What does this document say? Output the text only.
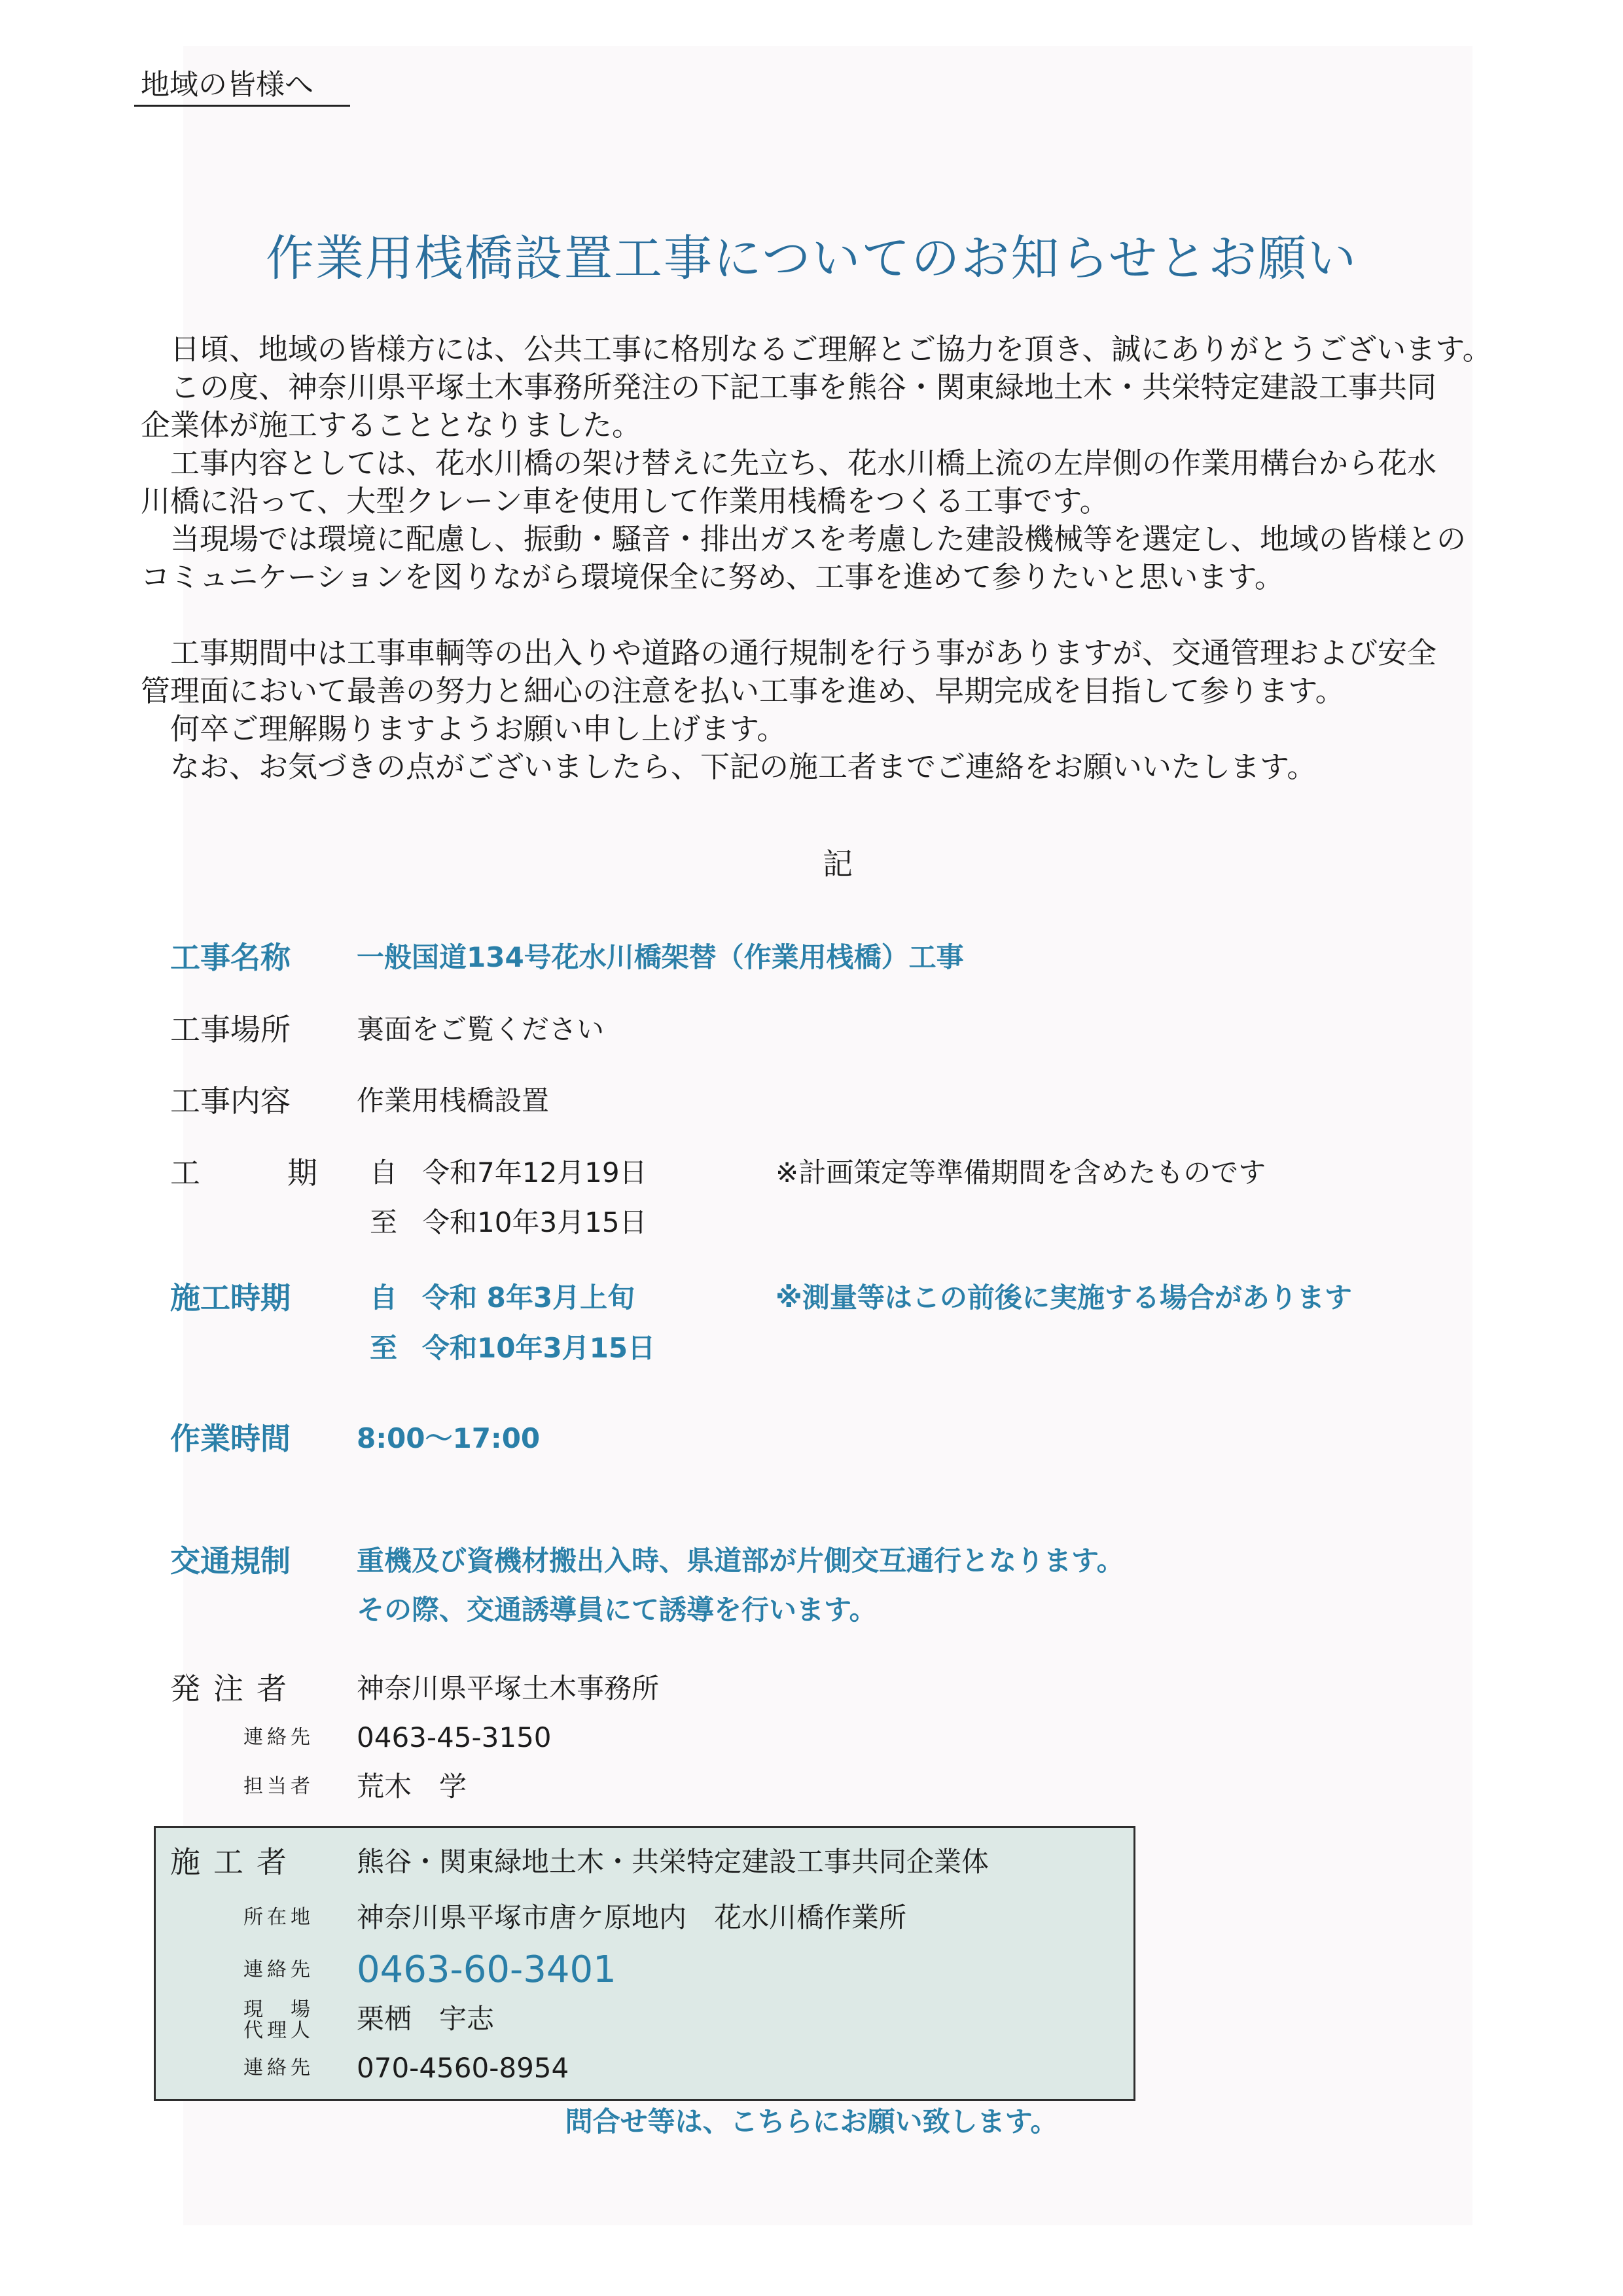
地域の皆様へ
作業用桟橋設置工事についてのお知らせとお願い

　日頃、地域の皆様方には、公共工事に格別なるご理解とご協力を頂き、誠にありがとうございます。

　この度、神奈川県平塚土木事務所発注の下記工事を熊谷・関東緑地土木・共栄特定建設工事共同
企業体が施工することとなりました。

　工事内容としては、花水川橋の架け替えに先立ち、花水川橋上流の左岸側の作業用構台から花水
川橋に沿って、大型クレーン車を使用して作業用桟橋をつくる工事です。

　当現場では環境に配慮し、振動・騒音・排出ガスを考慮した建設機械等を選定し、地域の皆様との
コミュニケーションを図りながら環境保全に努め、工事を進めて参りたいと思います。

　工事期間中は工事車輌等の出入りや道路の通行規制を行う事がありますが、交通管理および安全
管理面において最善の努力と細心の注意を払い工事を進め、早期完成を目指して参ります。

　何卒ご理解賜りますようお願い申し上げます。

　なお、お気づきの点がございましたら、下記の施工者までご連絡をお願いいたします。

記
工事名称	一般国道134号花水川橋架替（作業用桟橋）工事
工事場所	裏面をご覧ください
工事内容	作業用桟橋設置
工	期 自 令和7年12月19日	※計画策定等準備期間を含めたものです
至 令和10年3月15日
施工時期	自 令和 8年3月上旬	※測量等はこの前後に実施する場合があります
至 令和10年3月15日
作業時間	8:00～17:00
交通規制	重機及び資機材搬出入時、県道部が片側交互通行となります。
その際、交通誘導員にて誘導を行います。
発注者	神奈川県平塚土木事務所
連絡先	0463-45-3150
担当者	荒木　学
施工者	熊谷・関東緑地土木・共栄特定建設工事共同企業体
所在地	神奈川県平塚市唐ケ原地内　花水川橋作業所
連絡先	0463-60-3401
現　場
代理人	栗栖　宇志
連絡先	070-4560-8954
問合せ等は、こちらにお願い致します。
